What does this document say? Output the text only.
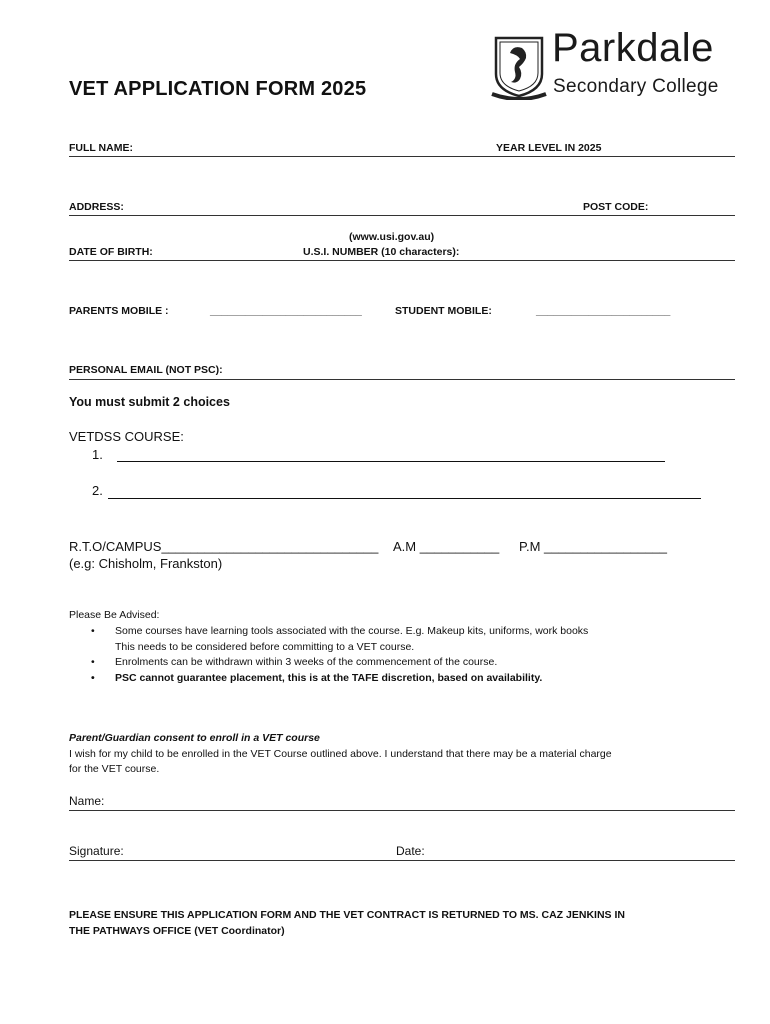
Parkdale
Secondary College
VET APPLICATION FORM 2025
FULL NAME:	YEAR LEVEL IN 2025
ADDRESS:	POST CODE:
(www.usi.gov.au)
DATE OF BIRTH:	U.S.I. NUMBER (10 characters):
PARENTS MOBILE :	__________________________	STUDENT MOBILE:	_______________________
PERSONAL EMAIL (NOT PSC):
You must submit 2 choices
VETDSS COURSE:
1.
2.
R.T.O/CAMPUS______________________________ A.M ___________ P.M _________________
(e.g: Chisholm, Frankston)
Please Be Advised:
• Some courses have learning tools associated with the course. E.g. Makeup kits, uniforms, work books
This needs to be considered before committing to a VET course.
• Enrolments can be withdrawn within 3 weeks of the commencement of the course.
• PSC cannot guarantee placement, this is at the TAFE discretion, based on availability.
Parent/Guardian consent to enroll in a VET course
I wish for my child to be enrolled in the VET Course outlined above. I understand that there may be a material charge
for the VET course.
Name:
Signature:	Date:
PLEASE ENSURE THIS APPLICATION FORM AND THE VET CONTRACT IS RETURNED TO MS. CAZ JENKINS IN
THE PATHWAYS OFFICE (VET Coordinator)
